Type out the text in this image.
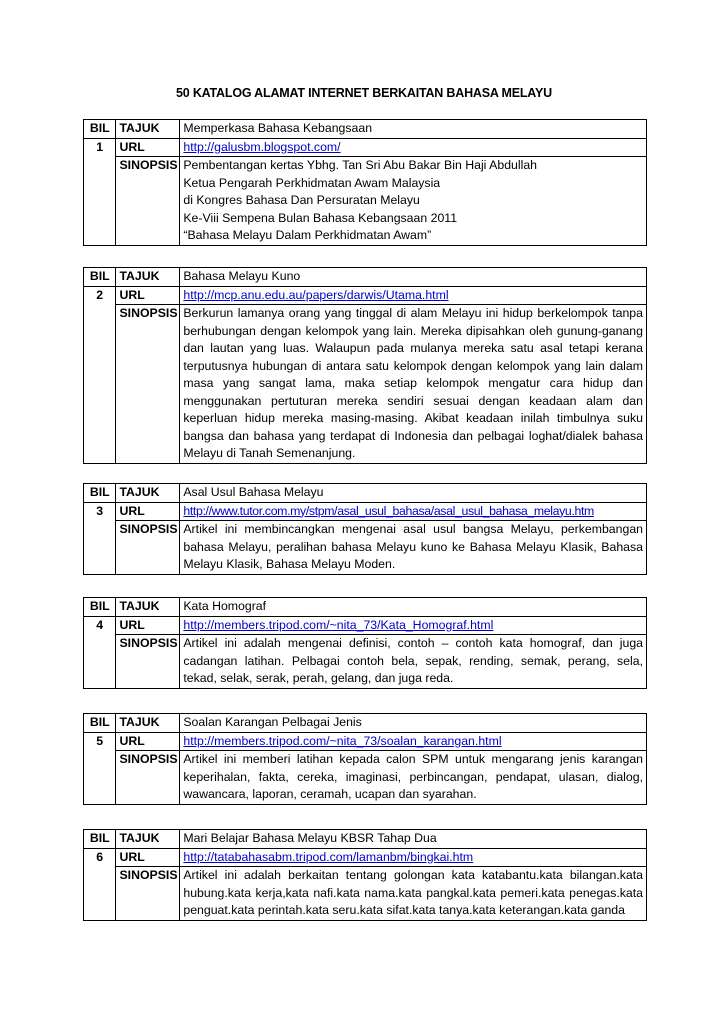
50 KATALOG ALAMAT INTERNET BERKAITAN BAHASA MELAYU
BIL	TAJUK	Memperkasa Bahasa Kebangsaan
1	URL	http://galusbm.blogspot.com/
	SINOPSIS	Pembentangan kertas Ybhg. Tan Sri Abu Bakar Bin Haji Abdullah
Ketua Pengarah Perkhidmatan Awam Malaysia
di Kongres Bahasa Dan Persuratan Melayu
Ke-Viii Sempena Bulan Bahasa Kebangsaan 2011
“Bahasa Melayu Dalam Perkhidmatan Awam”
BIL	TAJUK	Bahasa Melayu Kuno
2	URL	http://mcp.anu.edu.au/papers/darwis/Utama.html
	SINOPSIS	Berkurun lamanya orang yang tinggal di alam Melayu ini hidup berkelompok tanpa berhubungan dengan kelompok yang lain. Mereka dipisahkan oleh gunung-ganang dan lautan yang luas. Walaupun pada mulanya mereka satu asal tetapi kerana terputusnya hubungan di antara satu kelompok dengan kelompok yang lain dalam masa yang sangat lama, maka setiap kelompok mengatur cara hidup dan menggunakan pertuturan mereka sendiri sesuai dengan keadaan alam dan keperluan hidup mereka masing-masing. Akibat keadaan inilah timbulnya suku bangsa dan bahasa yang terdapat di Indonesia dan pelbagai loghat/dialek bahasa Melayu di Tanah Semenanjung.
BIL	TAJUK	Asal Usul Bahasa Melayu
3	URL	http://www.tutor.com.my/stpm/asal_usul_bahasa/asal_usul_bahasa_melayu.htm
	SINOPSIS	Artikel ini membincangkan mengenai asal usul bangsa Melayu, perkembangan bahasa Melayu, peralihan bahasa Melayu kuno ke Bahasa Melayu Klasik, Bahasa Melayu Klasik, Bahasa Melayu Moden.
BIL	TAJUK	Kata Homograf
4	URL	http://members.tripod.com/~nita_73/Kata_Homograf.html
	SINOPSIS	Artikel ini adalah mengenai definisi, contoh – contoh kata homograf, dan juga cadangan latihan. Pelbagai contoh bela, sepak, rending, semak, perang, sela, tekad, selak, serak, perah, gelang, dan juga reda.
BIL	TAJUK	Soalan Karangan Pelbagai Jenis
5	URL	http://members.tripod.com/~nita_73/soalan_karangan.html
	SINOPSIS	Artikel ini memberi latihan kepada calon SPM untuk mengarang jenis karangan keperihalan, fakta, cereka, imaginasi, perbincangan, pendapat, ulasan, dialog, wawancara, laporan, ceramah, ucapan dan syarahan.
BIL	TAJUK	Mari Belajar Bahasa Melayu KBSR Tahap Dua
6	URL	http://tatabahasabm.tripod.com/lamanbm/bingkai.htm
	SINOPSIS	Artikel ini adalah berkaitan tentang golongan kata katabantu.kata bilangan.kata hubung.kata kerja,kata nafi.kata nama.kata pangkal.kata pemeri.kata penegas.kata penguat.kata perintah.kata seru.kata sifat.kata tanya.kata keterangan.kata ganda
